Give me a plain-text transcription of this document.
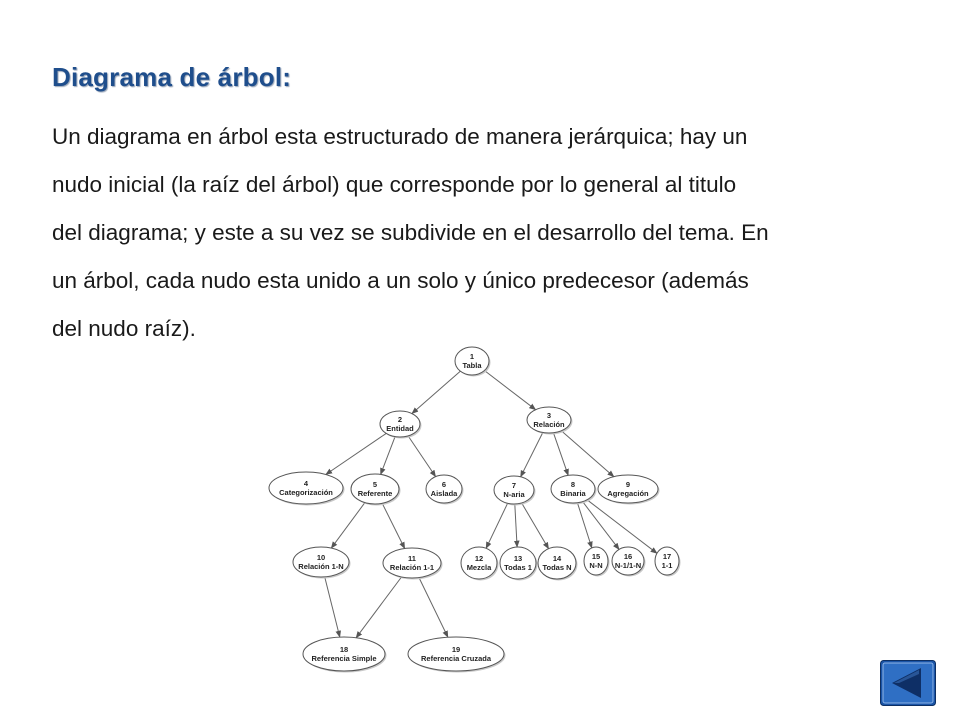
Diagrama de árbol:
Un diagrama en árbol esta estructurado de manera jerárquica; hay un
nudo inicial (la raíz del árbol) que corresponde por lo general al titulo
del diagrama; y este a su vez se subdivide en el desarrollo del tema. En
un árbol, cada nudo esta unido a un solo y único predecesor (además
del nudo raíz).
1
Tabla
2
Entidad
3
Relación
4
Categorización
5
Referente
6
Aislada
7
N-aria
8
Binaria
9
Agregación
10
Relación 1-N
11
Relación 1-1
12
Mezcla
13
Todas 1
14
Todas N
15
N-N
16
N-1/1-N
17
1-1
18
Referencia Simple
19
Referencia Cruzada
